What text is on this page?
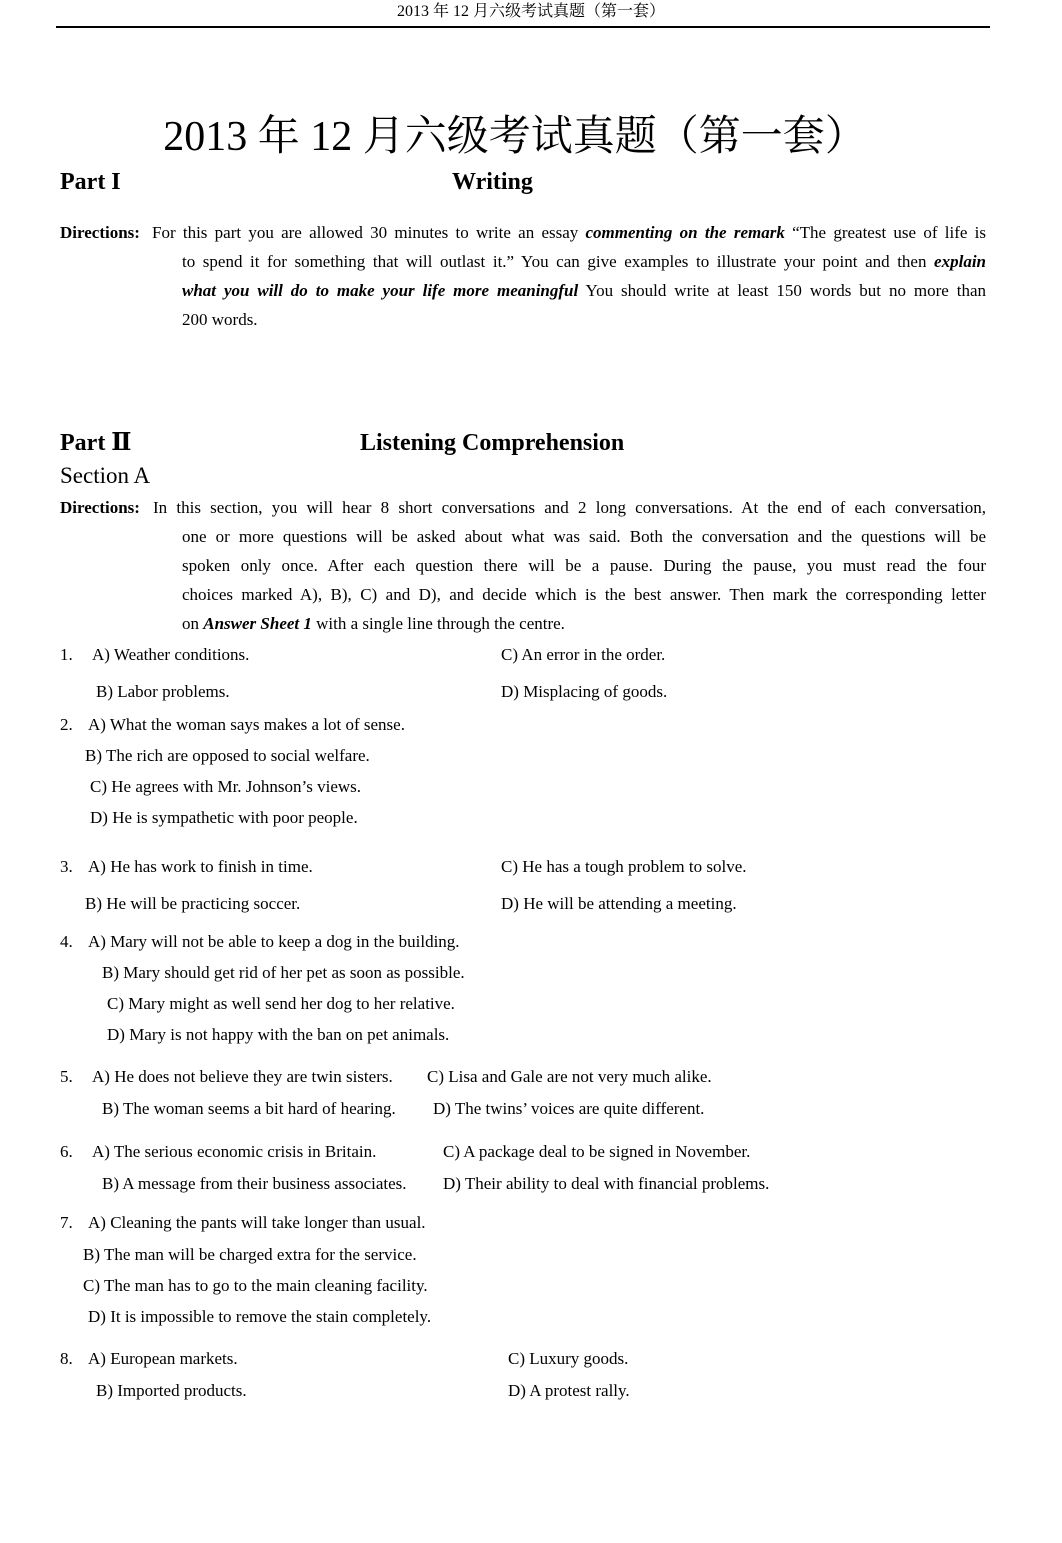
2013 年 12 月六级考试真题（第一套）
2013 年 12 月六级考试真题（第一套）
Part I	Writing
Directions: For this part you are allowed 30 minutes to write an essay commenting on the remark “The greatest use of life is
to spend it for something that will outlast it.” You can give examples to illustrate your point and then explain
what you will do to make your life more meaningful You should write at least 150 words but no more than
200 words.
Part Ⅱ	Listening Comprehension
Section A
Directions: In this section, you will hear 8 short conversations and 2 long conversations. At the end of each conversation,
one or more questions will be asked about what was said. Both the conversation and the questions will be
spoken only once. After each question there will be a pause. During the pause, you must read the four
choices marked A), B), C) and D), and decide which is the best answer. Then mark the corresponding letter
on Answer Sheet 1 with a single line through the centre.
1. A) Weather conditions.	C) An error in the order.
B) Labor problems.	D) Misplacing of goods.
2. A) What the woman says makes a lot of sense.
B) The rich are opposed to social welfare.
C) He agrees with Mr. Johnson’s views.
D) He is sympathetic with poor people.
3. A) He has work to finish in time.	C) He has a tough problem to solve.
B) He will be practicing soccer.	D) He will be attending a meeting.
4. A) Mary will not be able to keep a dog in the building.
B) Mary should get rid of her pet as soon as possible.
C) Mary might as well send her dog to her relative.
D) Mary is not happy with the ban on pet animals.
5. A) He does not believe they are twin sisters. C) Lisa and Gale are not very much alike.
B) The woman seems a bit hard of hearing. D) The twins’ voices are quite different.
6. A) The serious economic crisis in Britain.	C) A package deal to be signed in November.
B) A message from their business associates. D) Their ability to deal with financial problems.
7. A) Cleaning the pants will take longer than usual.
B) The man will be charged extra for the service.
C) The man has to go to the main cleaning facility.
D) It is impossible to remove the stain completely.
8. A) European markets.	C) Luxury goods.
B) Imported products.	D) A protest rally.
